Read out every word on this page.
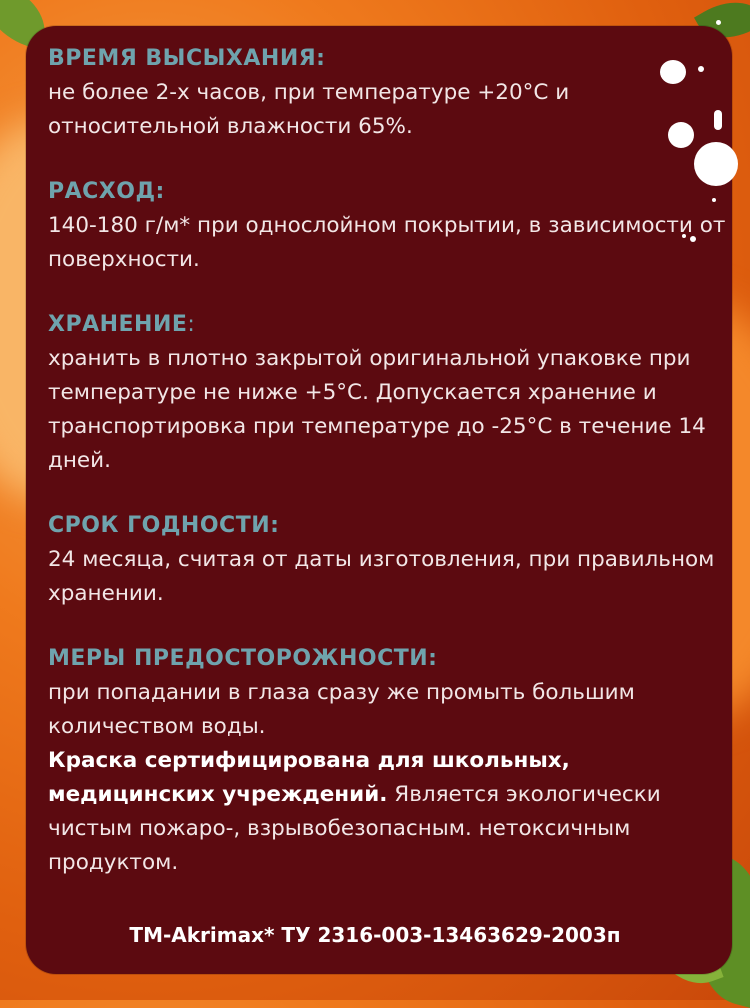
ВРЕМЯ ВЫСЫХАНИЯ:
не более 2-х часов, при температуре +20°С и относительной влажности 65%.
РАСХОД:
140-180 г/м* при однослойном покрытии, в зависимости от поверхности.
ХРАНЕНИЕ:
хранить в плотно закрытой оригинальной упаковке при температуре не ниже +5°С. Допускается хранение и транспортировка при температуре до -25°С в течение 14 дней.
СРОК ГОДНОСТИ:
24 месяца, считая от даты изготовления, при правильном хранении.
МЕРЫ ПРЕДОСТОРОЖНОСТИ:
при попадании в глаза сразу же промыть большим количеством воды.
Краска сертифицирована для школьных, медицинских учреждений. Является экологически чистым пожаро-, взрывобезопасным. нетоксичным продуктом.
ТМ-Akrimax* ТУ 2316-003-13463629-2003п
